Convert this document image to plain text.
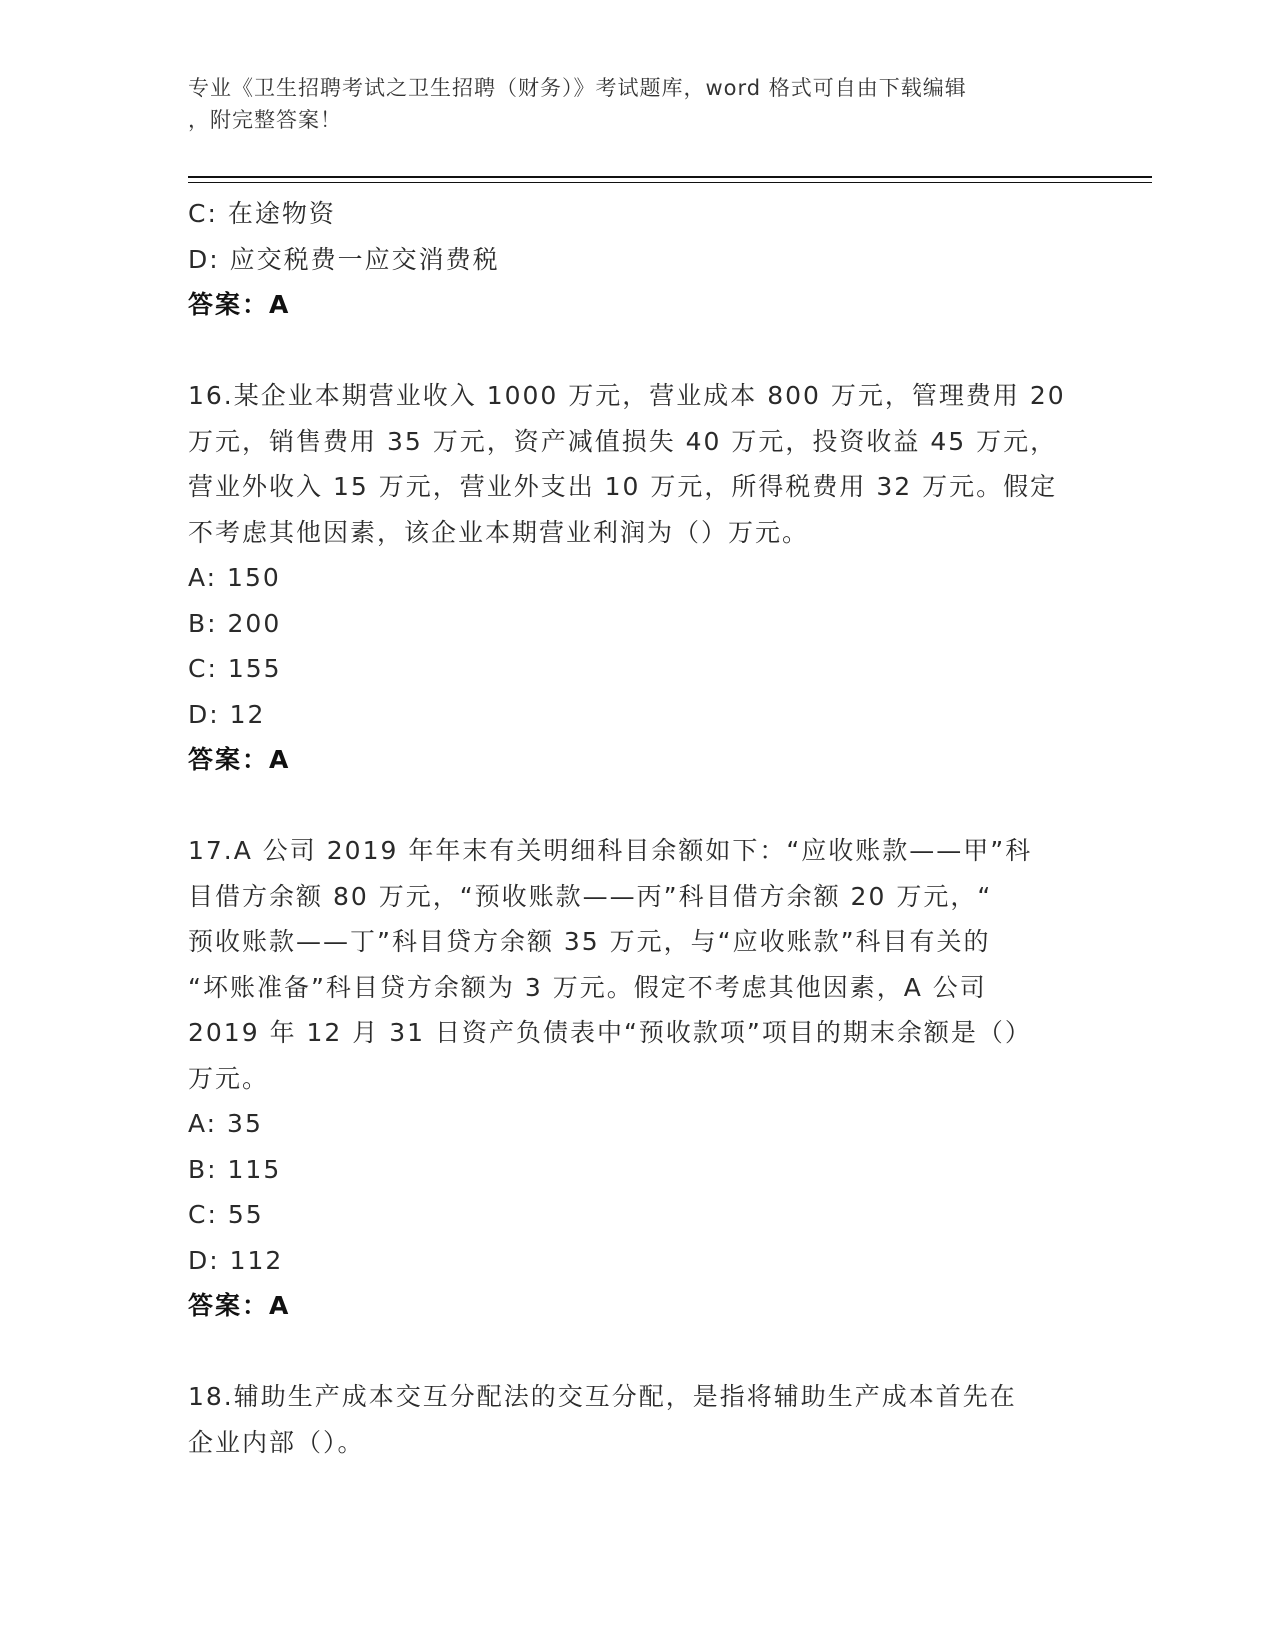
专业《卫生招聘考试之卫生招聘（财务）》考试题库，word 格式可自由下载编辑
，附完整答案！

C: 在途物资

D: 应交税费一应交消费税

答案：A

16.某企业本期营业收入 1000 万元，营业成本 800 万元，管理费用 20

万元，销售费用 35 万元，资产减值损失 40 万元，投资收益 45 万元，

营业外收入 15 万元，营业外支出 10 万元，所得税费用 32 万元。假定

不考虑其他因素，该企业本期营业利润为（）万元。

A: 150

B: 200

C: 155

D: 12

答案：A

17.A 公司 2019 年年末有关明细科目余额如下：“应收账款——甲”科

目借方余额 80 万元，“预收账款——丙”科目借方余额 20 万元，“

预收账款——丁”科目贷方余额 35 万元，与“应收账款”科目有关的

“坏账准备”科目贷方余额为 3 万元。假定不考虑其他因素，A 公司

2019 年 12 月 31 日资产负债表中“预收款项”项目的期末余额是（）

万元。

A: 35

B: 115

C: 55

D: 112

答案：A

18.辅助生产成本交互分配法的交互分配，是指将辅助生产成本首先在

企业内部（）。
